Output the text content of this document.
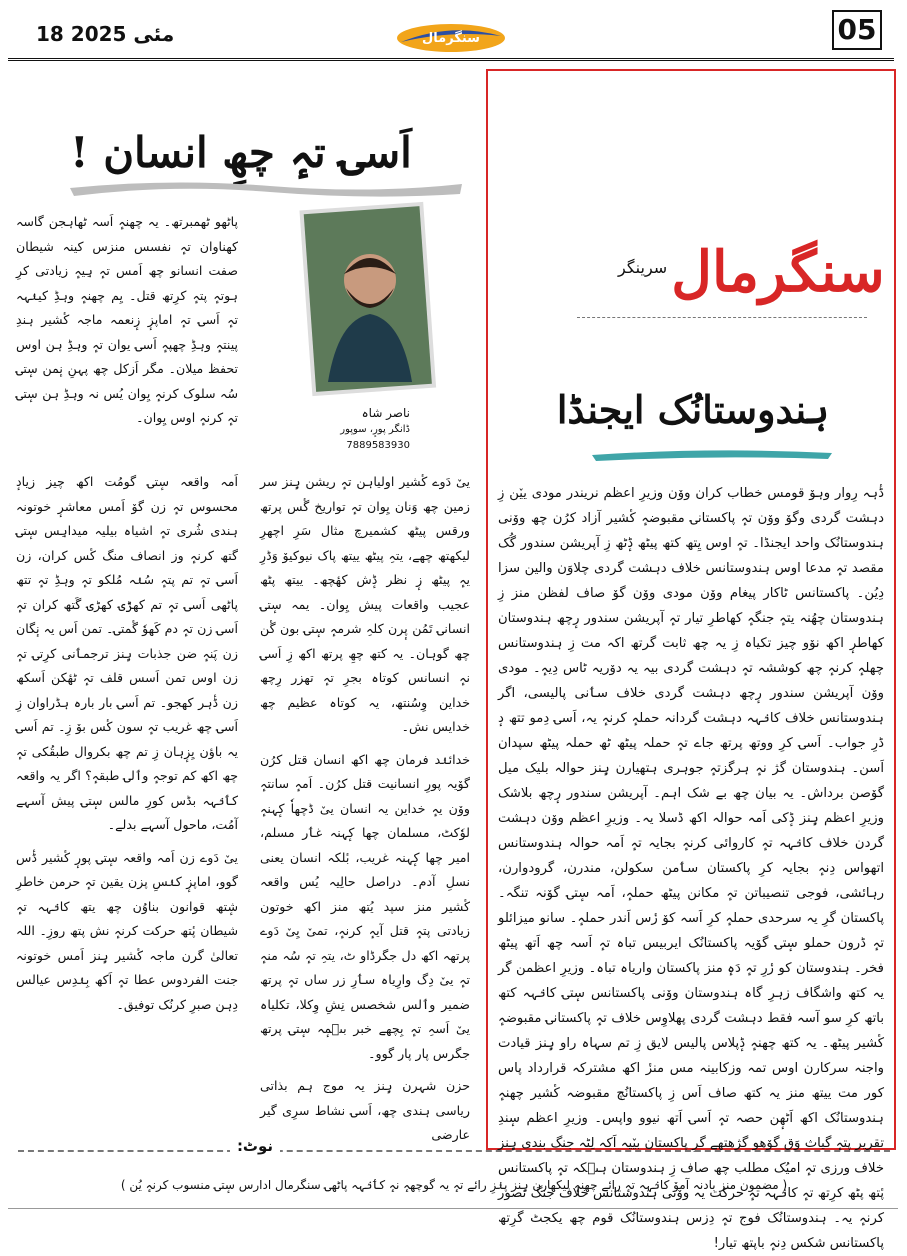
18 مئی 2025	سنگرمال	05
اَسۍ تہٕ چھِ انسان !
ناصر شاہ
ڈانگر پورٕ، سوپور
7889583930

پاٹھو ٹھمبرتھ۔ یہ چھنہٕ اَسہ ٹھاہجن گاسہ کھناوان تہٕ نفسس منزس کینہ شیطان صفت انسانو چھ اَمس تہٕ ہِیہٕ زیادتی کرِ ہوتہٕ پتہٕ کرِتھ قتل۔ یِم چھنہٕ وہڈِ کینٛہہ تہٕ اَسۍ تہٕ اماپزٕ زٕنعمہ ماجہ کٔشیر ہندِ پینتہٕ وہڈِ چھپہٕ اَسۍ یوان تہٕ وہڈِ ہن اوس تحفظ میلان۔ مگر اَزکل چھ پہنِ نٕمن سٕتۍ سُہ سلوک کرنہٕ یِوان یُس نہ وہڈِ ہن سٕتۍ تہٕ کرنہٕ اوس یِوان۔

اَمہ واقعہ سٕتۍ گومُت اکھ چیز زیادٕ محسوس تہٕ زن گوٚ اَمس معاشرٕ خوتونہ ہندی شُری تہٕ اشیاہ بیلیہ میداہِس سٕتۍ گتھ کرنہٕ وز انصاف منگ کٔس کران، زن اَسۍ تہٕ تم پتہٕ سُنٛہ مُلکو تہٕ وہڈِ تہٕ تتھ پاٹھی اَسۍ تہٕ تم کھڑٛۍ کھڑۍ گَتھ کران تہٕ اَسۍ زن تہٕ دم کَھوٗ گٔمتۍ۔ تمن اَس یہ نٕگان زن پَنہٕ ضن جذبات ہٕنز ترجمٲنی کرِتۍ تہٕ زن اوس تمن اَسس قلف تہٕ ٹھٔکن اَسکھ زن ڈٔہر کھجو۔ تم اَسۍ بار بارہ ہڈراوان زِ اَسۍ چھ غریب تہٕ سون کٔس بوٚ زِ۔ تم اَسۍ یہ باؤن یِزٕہان زِ تم چھ بکروال طبقُکی تہٕ چھ اکھ کم توجہٕ وٲلۍ طبقہٕ؟ اگر یہ واقعہ کٲنٛہہ بڈس کورِ مالس سٕتۍ پیش آسہے آمُت، ماحول آسہے بدلے۔

ییٚ دَوے زن اَمہ واقعہ سٕتۍ پورٕ کٔشیر ڈٔس گوو، اماپزٕ کنٛسِ پزن یقین تہٕ حرمن خاطرِ شٕتھ قوانون بناوُن چھ یتھ کانٛہہ تہٕ شیطان پٔتھ حرکت کرنہٕ نش پتھ روزِ۔ اللہ تعالیٰ گرن ماجہ کٔشیر ہٕنز اَمس خوتونہ جنت الفردوس عطا تہٕ اَکھ بِنٛدِس عیالس دِہن صبرِ کرنُک توفیق۔

ییٚ دَوے کٔشیر اولیاہن تہٕ ریشن ہٕنز سر زمین چھ وَنان یِوان تہٕ تواریخ گٔس پرتھ ورقس پیٹھ کشمیرچ مثال سَرِ اچھرِ لیکھتھ چھے، یتہِ پیٹھ ییتھ پاک نیوکیوٚ وَڈرِ یہٕ پیٹھ زٕ نظر ڈٕش کھٔچھ۔ ییتھ پٹھ عجیب واقعات پیش یِوان۔ یمہ سٕتۍ انسانۍ تَمُن پٕرن کلہِ شرمہٕ سٕتۍ بون گٔن چھ گوہان۔ یہ کتھ چھِ پرتھ اکھ زِ اَسۍ نہٕ انسانس کوتاہ بجرِ تہٕ تھزر رِچھ خداین وِسُنتھ، یہ کوتاہ عظیم چھ خدایس نش۔

خدائنٛد فرمان چھ اکھ انسان قتل کرُن گوٚیہ پورِ انسانیت قتل کرُن۔ اَمہٕ سانتہٕ ووٚن یہٕ خداین یہ انسان ییٚ ڈچھاٗ کٕہنہٕ لوٗکٹ، مسلمان چھا کٕہنہ غٲر مسلم، امیر چھا کٕہنہ غریب، بٔلکہ انسان یعنی نسلِ آدم۔ دراصل حالِیہ یُس واقعہ کٔشیر منز سپد یُتھ منز اکھ خوتون زیادتی پتہٕ قتل آیہٕ کرنہٕ، تمیٚ یِیٚ دَوے پرتھہ اکھ دل جگرڈاو ٹ، یتہِ تہٕ سُہ منہٕ تہٕ ییٚ دِگ وارِیاہ سٲرِ زر ساں تہٕ پرتھ ضمیر وٲلس شخصس نِشِ وِکلا، تکلیاہ ییٚ اَسہِ تہٕ بِچھے خبر بٮ۪مٕہ سٕتۍ پرتھ جگرس پار پار گوو۔

حزن شہرن ہٕنز یہ موج ہم بذاتی ریاسی ہندی چھ، اَسۍ نشاط سرِی گیر عارضی

سنگرمال
سرینگر
ہندوستانُک ایجنڈا
ڈٔہہ رِوار وہوٚ قومس خطاب کران ووٚن وزیرِ اعظم نریندر مودی ییٚن زِ دہشت گردی وگوٚ ووٚن تہٕ پاکستانۍ مقبوضہٕ کٔشیر آزاد کرُن چھ ووٚنی ہندوستانُک واحد ایجنڈا۔ تہٕ اوس یِتھ کتھ پیٹھ ڈٕٹھ زِ آپریشن سندور گُک مقصد تہٕ مدعا اوس ہندوستانس خلاف دہشت گردی چلاوَن والین سزا دِیُن۔ پاکستانس ٹاکار پیغام ووٚن مودی ووٚن گوٚ صاف لفظن منز زِ ہندوستان چھُنہ یتہٕ جنگہٕ کھاطرِ تیار تہٕ آپریشن سندور رٕچھ ہندوستان کھاطرٕ اکھ نوٚو چیز تکیاہ زِ یہ چھ ثابت گرتھ اکہ مت زِ ہندوستانس چھلہٕ کرنہٕ چھ کوششہ تہٕ دہشت گردی بیہ یہ دوٚریہ ٹاس دِیہٕ۔ مودی ووٚن آپریشن سندور رٕچھ دہشت گردی خلاف سٲنی پالیسی، اگر ہندوستانس خلاف کانٛہہ دہشت گردانہ حملہٕ کرنہٕ یہ، اَسۍ دِمو تتھ دٕ ڈرِ جواب۔ اَسۍ کرِ ووتھ پرتھ جاے تہٕ حملہ پیٹھ ٹھ حملہ پیٹھ سپدان اَسن۔ ہندوستان گژ نہٕ ہرگزتہٕ جوہری ہتھیارن ہٕنز حوالہ بلیک میل گوٚصن برداش۔ یہ بیان چھ بے شک اہم۔ آپریشن سندور رٕچھ بلاشک وزیرِ اعظم ہٕنز ڈٕکی اَمہ حوالہ اکھ ڈسلا یہ۔ وزیرِ اعظم ووٚن دہشت گردن خلاف کانٛہہ تہٕ کاروائی کرنہٕ بجایہ تہٕ اَمہ حوالہ ہندوستانس اتھواس دِنہٕ بجایہ کرِ پاکستان سٲمن سکولن، مندرن، گرودوارن، رہائشی، فوجی تنصیباتن تہٕ مکانن پیٹھ حملہٕ، اَمہ سٕتۍ گوٚنہ تنگہ۔ پاکستان گرِ یہ سرحدی حملہٕ کرِ اَسہ کوٚ زٔس اَندر حملہٕ۔ سانو میزائلو تہٕ ڈرون حملو سٕتۍ گوٚیہ پاکستانُک ایربیس تباہ تہٕ اَسہ چھ اَتھ پیٹھ فخر۔ ہندوستان کو زٔرِ تہٕ دَہٕ منز پاکستان واریاہ تباہ۔ وزیرِ اعظمن گر یہ کتھ واشگاف زہرِ گاہ ہندوستان ووٚنی پاکستانس سٕتۍ کانٛہہ کتھ باتھ کرِ سو آسہ فقط دہشت گردی پھلاوِس خلاف تہٕ پاکستانۍ مقبوضہٕ کٔشیر پیٹھ۔ یہ کتھ چھنہٕ ڈٕپلاس پالیس لایق زِ تم سہاہ راو ہٕنز قیادت واجنہ سرکارن اوس تمہ وزکابینہ مس منزٔ اکھ مشترکہ قرارداد پاس کور مت ییتھ منز یہ کتھ صاف اَس زِ پاکستانُچ مقبوضہ کٔشیر چھنہٕ ہندوستانُک اکھ اَٹھٕن حصہ تہٕ اَسۍ اَتھ نیوو واپس۔ وزیرِ اعظم سٕندِ تقریرِ پتہٕ گیاث وَق گوٚھو گژھتھے گرِ پاکستان بیٚیہ اَکہ لِٹہ جنگ بندی ہٕنز خلاف ورزی تہٕ امیُک مطلب چھ صاف زِ ہندوستان ہٮ۪کہ تہٕ پاکستانس پٔتھ پٹھ کرِتھ تہٕ کانٛہہ تہٕ حرکت یہ ووٚنی ہندوستانس خلاف جنگ تصور کرنہٕ یہ۔ ہندوستانُک فوج تہٕ دِزس ہندوستانُک قوم چھ یکجٹ گرِتھ پاکستانس شکس دِنہٕ باپتھ تیار!
نوٹ:
( مضمون منز بادنہ آموٚ کانٛہہ تہٕ رائے چھنہٕ لیکھارن ہٕنز پنٛزِ رائے تہٕ یہ گوچھہٕ نہٕ کٲنٛہہ پاٹھۍ سنگرمال ادارس سٕتۍ منسوب کرنہٕ یُن )
